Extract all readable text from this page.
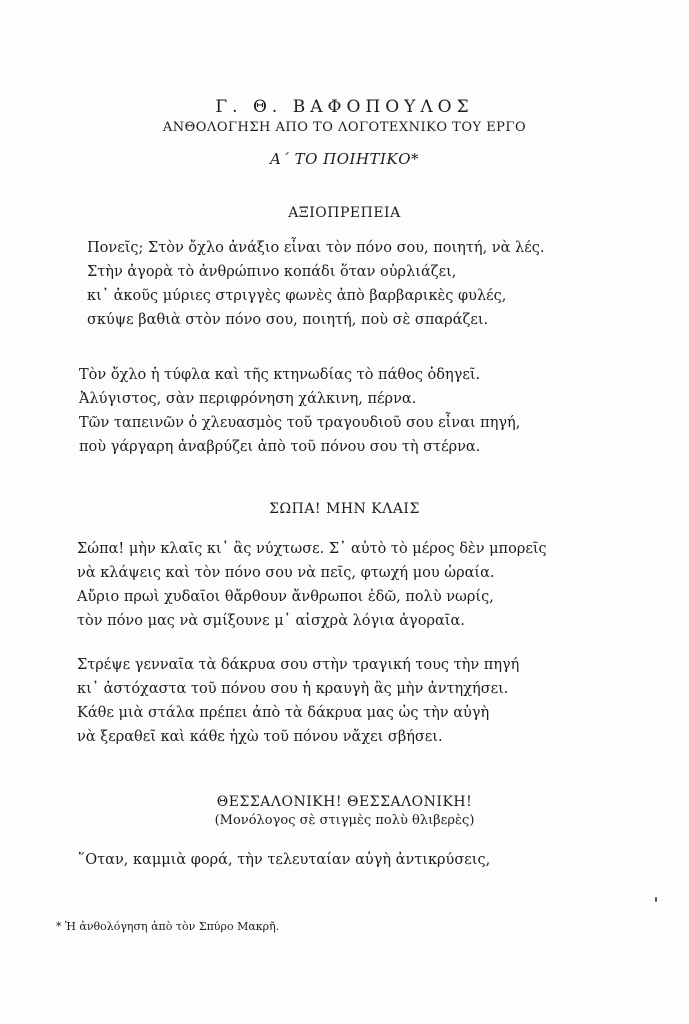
Γ. Θ. ΒΑΦΟΠΟΥΛΟΣ
ΑΝΘΟΛΟΓΗΣΗ ΑΠΟ ΤΟ ΛΟΓΟΤΕΧΝΙΚΟ ΤΟΥ ΕΡΓΟ
Α΄ ΤΟ ΠΟΙΗΤΙΚΟ*
ΑΞΙΟΠΡΕΠΕΙΑ
Πονεῖς; Στὸν ὄχλο ἀνάξιο εἶναι τὸν πόνο σου, ποιητή, νὰ λές.
Στὴν ἀγορὰ τὸ ἀνθρώπινο κοπάδι ὅταν οὐρλιάζει,
κι᾿ ἀκοῦς μύριες στριγγὲς φωνὲς ἀπὸ βαρβαρικὲς φυλές,
σκύψε βαθιὰ στὸν πόνο σου, ποιητή, ποὺ σὲ σπαράζει.
Τὸν ὄχλο ἡ τύφλα καὶ τῆς κτηνωδίας τὸ πάθος ὁδηγεῖ.
Ἀλύγιστος, σὰν περιφρόνηση χάλκινη, πέρνα.
Τῶν ταπεινῶν ὁ χλευασμὸς τοῦ τραγουδιοῦ σου εἶναι πηγή,
ποὺ γάργαρη ἀναβρύζει ἀπὸ τοῦ πόνου σου τὴ στέρνα.
ΣΩΠΑ! ΜΗΝ ΚΛΑΙΣ
Σώπα! μὴν κλαῖς κι᾿ ἂς νύχτωσε. Σ᾿ αὐτὸ τὸ μέρος δὲν μπορεῖς
νὰ κλάψεις καὶ τὸν πόνο σου νὰ πεῖς, φτωχή μου ὡραία.
Αὔριο πρωὶ χυδαῖοι θἄρθουν ἄνθρωποι ἐδῶ, πολὺ νωρίς,
τὸν πόνο μας νὰ σμίξουνε μ᾿ αἰσχρὰ λόγια ἀγοραῖα.
Στρέψε γενναῖα τὰ δάκρυα σου στὴν τραγική τους τὴν πηγή
κι᾿ ἀστόχαστα τοῦ πόνου σου ἡ κραυγὴ ἂς μὴν ἀντηχήσει.
Κάθε μιὰ στάλα πρέπει ἀπὸ τὰ δάκρυα μας ὡς τὴν αὐγὴ
νὰ ξεραθεῖ καὶ κάθε ἠχὼ τοῦ πόνου νἄχει σβήσει.
ΘΕΣΣΑΛΟΝΙΚΗ! ΘΕΣΣΑΛΟΝΙΚΗ!
(Μονόλογος σὲ στιγμὲς πολὺ θλιβερὲς)
῞Οταν, καμμιὰ φορά, τὴν τελευταίαν αὐγὴ ἀντικρύσεις,
* Ἡ ἀνθολόγηση ἀπὸ τὸν Σπύρο Μακρῆ.
